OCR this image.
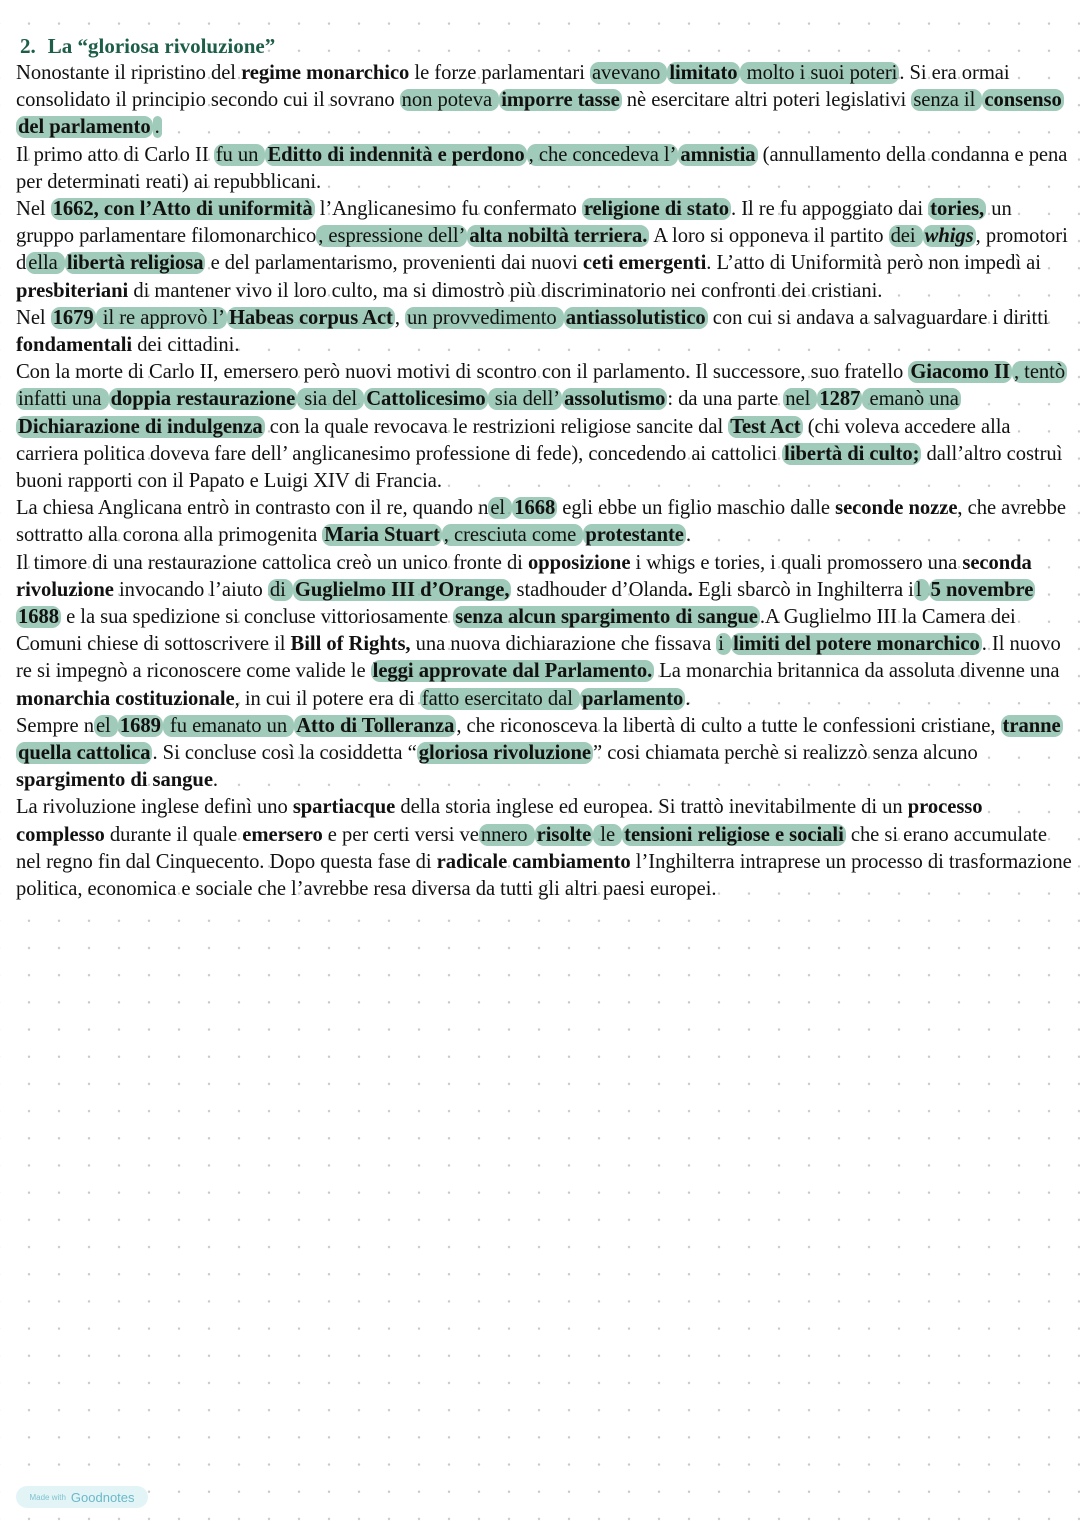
2. La “gloriosa rivoluzione”

Nonostante il ripristino del regime monarchico le forze parlamentari avevano limitato molto i suoi poteri. Si era ormai consolidato il principio secondo cui il sovrano non poteva imporre tasse nè esercitare altri poteri legislativi senza il consenso del parlamento .

Il primo atto di Carlo II fu un Editto di indennità e perdono , che concedeva l’ amnistia (annullamento della condanna e pena per determinati reati) ai repubblicani.

Nel 1662, con l’Atto di uniformità l’Anglicanesimo fu confermato religione di stato. Il re fu appoggiato dai tories, un gruppo parlamentare filomonarchico, espressione dell’ alta nobiltà terriera. A loro si opponeva il partito dei whigs, promotori della libertà religiosa e del parlamentarismo, provenienti dai nuovi ceti emergenti. L’atto di Uniformità però non impedì ai presbiteriani di mantener vivo il loro culto, ma si dimostrò più discriminatorio nei confronti dei cristiani.

Nel 1679 il re approvò l’ Habeas corpus Act, un provvedimento antiassolutistico con cui si andava a salvaguardare i diritti fondamentali dei cittadini.

Con la morte di Carlo II, emersero però nuovi motivi di scontro con il parlamento. Il successore, suo fratello Giacomo II , tentò infatti una doppia restaurazione sia del Cattolicesimo sia dell’ assolutismo: da una parte nel 1287 emanò una Dichiarazione di indulgenza con la quale revocava le restrizioni religiose sancite dal Test Act (chi voleva accedere alla carriera politica doveva fare dell’ anglicanesimo professione di fede), concedendo ai cattolici libertà di culto; dall’altro costruì buoni rapporti con il Papato e Luigi XIV di Francia.

La chiesa Anglicana entrò in contrasto con il re, quando nel 1668 egli ebbe un figlio maschio dalle seconde nozze, che avrebbe sottratto alla corona alla primogenita Maria Stuart , cresciuta come protestante.

Il timore di una restaurazione cattolica creò un unico fronte di opposizione i whigs e tories, i quali promossero una seconda rivoluzione invocando l’aiuto di Guglielmo III d’Orange, stadhouder d’Olanda. Egli sbarcò in Inghilterra il 5 novembre 1688 e la sua spedizione si concluse vittoriosamente senza alcun spargimento di sangue.A Guglielmo III la Camera dei Comuni chiese di sottoscrivere il Bill of Rights, una nuova dichiarazione che fissava i limiti del potere monarchico. Il nuovo re si impegnò a riconoscere come valide le leggi approvate dal Parlamento. La monarchia britannica da assoluta divenne una monarchia costituzionale, in cui il potere era di fatto esercitato dal parlamento.

Sempre nel 1689 fu emanato un Atto di Tolleranza, che riconosceva la libertà di culto a tutte le confessioni cristiane, tranne quella cattolica. Si concluse così la cosiddetta “gloriosa rivoluzione” cosi chiamata perchè si realizzò senza alcuno spargimento di sangue.

La rivoluzione inglese definì uno spartiacque della storia inglese ed europea. Si trattò inevitabilmente di un processo complesso durante il quale emersero e per certi versi vennero risolte le tensioni religiose e sociali che si erano accumulate nel regno fin dal Cinquecento. Dopo questa fase di radicale cambiamento l’Inghilterra intraprese un processo di trasformazione politica, economica e sociale che l’avrebbe resa diversa da tutti gli altri paesi europei.

Made with Goodnotes
